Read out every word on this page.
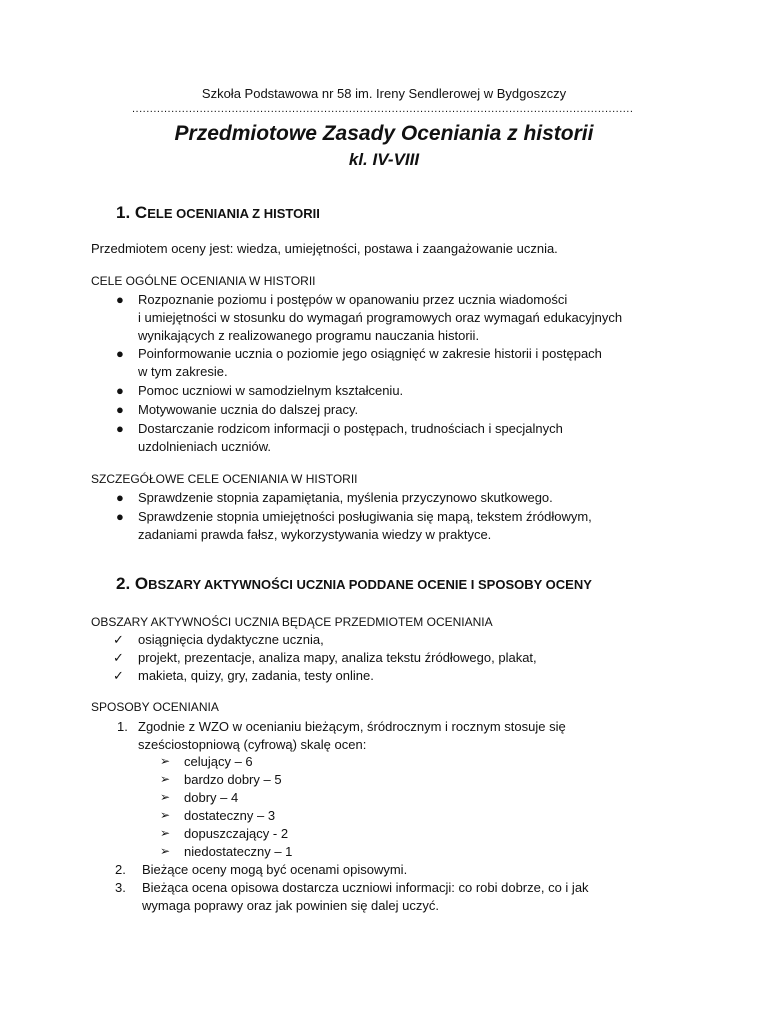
Szkoła Podstawowa nr 58 im. Ireny Sendlerowej w Bydgoszczy
.............................................................................................................................................
Przedmiotowe Zasady Oceniania z historii
kl. IV-VIII
1. CELE OCENIANIA Z HISTORII
Przedmiotem oceny jest: wiedza, umiejętności, postawa i zaangażowanie ucznia.
CELE OGÓLNE OCENIANIA W HISTORII
● Rozpoznanie poziomu i postępów w opanowaniu przez ucznia wiadomości
i umiejętności w stosunku do wymagań programowych oraz wymagań edukacyjnych
wynikających z realizowanego programu nauczania historii.
● Poinformowanie ucznia o poziomie jego osiągnięć w zakresie historii i postępach
w tym zakresie.
● Pomoc uczniowi w samodzielnym kształceniu.
● Motywowanie ucznia do dalszej pracy.
● Dostarczanie rodzicom informacji o postępach, trudnościach i specjalnych
uzdolnieniach uczniów.
SZCZEGÓŁOWE CELE OCENIANIA W HISTORII
● Sprawdzenie stopnia zapamiętania, myślenia przyczynowo skutkowego.
● Sprawdzenie stopnia umiejętności posługiwania się mapą, tekstem źródłowym,
zadaniami prawda fałsz, wykorzystywania wiedzy w praktyce.
2. OBSZARY AKTYWNOŚCI UCZNIA PODDANE OCENIE I SPOSOBY OCENY
OBSZARY AKTYWNOŚCI UCZNIA BĘDĄCE PRZEDMIOTEM OCENIANIA
✓ osiągnięcia dydaktyczne ucznia,
✓ projekt, prezentacje, analiza mapy, analiza tekstu źródłowego, plakat,
✓ makieta, quizy, gry, zadania, testy online.
SPOSOBY OCENIANIA
1. Zgodnie z WZO w ocenianiu bieżącym, śródrocznym i rocznym stosuje się
sześciostopniową (cyfrową) skalę ocen:
➢ celujący – 6
➢ bardzo dobry – 5
➢ dobry – 4
➢ dostateczny – 3
➢ dopuszczający - 2
➢ niedostateczny – 1
2. Bieżące oceny mogą być ocenami opisowymi.
3. Bieżąca ocena opisowa dostarcza uczniowi informacji: co robi dobrze, co i jak
wymaga poprawy oraz jak powinien się dalej uczyć.
